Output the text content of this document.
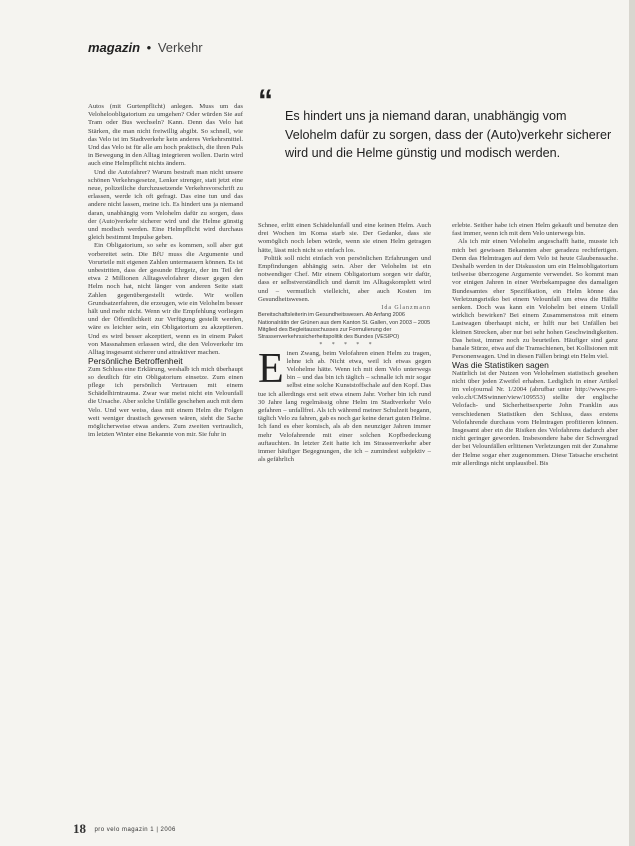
magazin • Verkehr
“ Es hindert uns ja niemand daran, unabhängig vom Velohelm dafür zu sorgen, dass der (Auto)verkehr sicherer wird und die Helme günstig und modisch werden.

Autos (mit Gurtenpflicht) anlegen. Muss um das Veloheloobligatorium zu umgehen? Oder würden Sie auf Tram oder Bus wechseln? Kann. Denn das Velo hat Stärken, die man nicht freiwillig abgibt. So schnell, wie das Velo ist im Stadtverkehr kein anderes Verkehrsmittel. Und das Velo ist für alle am hoch praktisch, die ihren Puls in Bewegung in den Alltag integrieren wollen. Darin wird auch eine Helmpflicht nichts ändern.

Und die Autofahrer? Warum bestraft man nicht unsere schönen Verkehrsgesetze, Lenker strenger, statt jetzt eine neue, polizeiliche durchzusetzende Verkehrsvorschrift zu erlassen, werde ich oft gefragt. Das eine tun und das andere nicht lassen, meine ich. Es hindert uns ja niemand daran, unabhängig vom Velohelm dafür zu sorgen, dass der (Auto)verkehr sicherer wird und die Helme günstig und modisch werden. Eine Helmpflicht wird durchaus gleich bestimmt Impulse geben.

Ein Obligatorium, so sehr es kommen, soll aber gut vorbereitet sein. Die BfU muss die Argumente und Vorurteile mit eigenen Zahlen untermauern können. Es ist unbestritten, dass der gesunde Ehrgeiz, der im Teil der etwa 2 Millionen Alltagsvelofahrer dieser gegen den Helm noch hat, nicht länger von anderen Seite statt Zahlen gegenübergestellt würde. Wir wollen Grundsatzerfahren, die erzeugen, wie ein Velohelm besser hält und mehr nicht. Wenn wir die Empfehlung vorliegen und der Öffentlichkeit zur Verfügung gestellt werden, wäre es leichter sein, ein Obligatorium zu akzeptieren. Und es wird besser akzeptiert, wenn es in einem Paket von Massnahmen erlassen wird, die den Veloverkehr im Alltag insgesamt sicherer und attraktiver machen.

Persönliche Betroffenheit

Zum Schluss eine Erklärung, weshalb ich mich überhaupt so deutlich für ein Obligatorium einsetze. Zum einen pflege ich persönlich Vertrauen mit einem Schädelhirntrauma. Zwar war meist nicht ein Velounfall die Ursache. Aber solche Unfälle geschehen auch mit dem Velo. Und wer weiss, dass mit einem Helm die Folgen weit weniger drastisch gewesen wären, sieht die Sache möglicherweise etwas anders. Zum zweiten vertraulich, im letzten Winter eine Bekannte von mir. Sie fuhr in

Schnee, erlitt einen Schädelunfall und eine keinen Helm. Auch drei Wochen im Koma starb sie. Der Gedanke, dass sie womöglich noch leben würde, wenn sie einen Helm getragen hätte, lässt mich nicht so einfach los.

Politik soll nicht einfach von persönlichen Erfahrungen und Empfindungen abhängig sein. Aber der Velohelm ist ein notwendiger Chef. Mir einem Obligatorium sorgen wir dafür, dass er selbstverständlich und damit im Alltagskomplett wird und – vermutlich vielleicht, aber auch Kosten im Gesundheitswesen.

Ida Glanzmann

Bereitschaftsleiterin im Gesundheitswesen. Ab Anfang 2006 Nationalrätin der Grünen aus dem Kanton St. Gallen, von 2003 – 2005 Mitglied des Begleitausschusses zur Formulierung der Strassenverkehrssicherheitspolitik des Bundes (VESIPO)

* * * * *

Einen Zwang, beim Velofahren einen Helm zu tragen, lehne ich ab. Nicht etwa, weil ich etwas gegen Velohelme hätte. Wenn ich mit dem Velo unterwegs bin – und das bin ich täglich – schnalle ich mir sogar selbst eine solche Kunststoffschale auf den Kopf. Das tue ich allerdings erst seit etwa einem Jahr. Vorher bin ich rund 30 Jahre lang regelmässig ohne Helm im Stadtverkehr Velo gefahren – unfallfrei. Als ich während meiner Schulzeit begann, täglich Velo zu fahren, gab es noch gar keine derart guten Helme. Ich fand es eher komisch, als ab den neunziger Jahren immer mehr Velofahrende mit einer solchen Kopfbedeckung auftauchten. In letzter Zeit hatte ich im Strassenverkehr aber immer häufiger Begegnungen, die ich – zumindest subjektiv – als gefährlich

erlebte. Seither habe ich einen Helm gekauft und benutze den fast immer, wenn ich mit dem Velo unterwegs bin.

Als ich mir einen Velohelm angeschafft hatte, musste ich mich bei gewissen Bekannten aber geradezu rechtfertigen. Denn das Helmtragen auf dem Velo ist heute Glaubenssache. Deshalb werden in der Diskussion um ein Helmobligatorium teilweise überzogene Argumente verwendet. So kommt man vor einigen Jahren in einer Werbekampagne des damaligen Bundesamtes eher Spezifikation, ein Helm könne das Verletzungsrisiko bei einem Velounfall um etwa die Hälfte senken. Doch was kann ein Velohelm bei einem Unfall wirklich bewirken? Bei einem Zusammenstoss mit einem Lastwagen überhaupt nicht, er hilft nur bei Unfällen bei kleinen Strecken, aber nur bei sehr hohen Geschwindigkeiten. Das heisst, immer noch zu beurteilen. Häufiger sind ganz banale Stürze, etwa auf die Tramschienen, bei Kollisionen mit Personenwagen. Und in diesen Fällen bringt ein Helm viel.

Was die Statistiken sagen

Natürlich ist der Nutzen von Velohelmen statistisch gesehen nicht über jeden Zweifel erhaben. Lediglich in einer Artikel im velojournal Nr. 1/2004 (abrufbar unter http://www.pro-velo.ch/CMSwinner/view/109553) stellte der englische Velofach- und Sicherheitsexperte John Franklin aus verschiedenen Statistiken den Schluss, dass erstens Velofahrende durchaus vom Helmtragen profitieren können. Insgesamt aber ein die Risiken des Velofahrens dadurch aber nicht geringer geworden. Insbesondere habe der Schwergrad der bei Velounfällen erlittenen Verletzungen mit der Zunahme der Helme sogar eher zugenommen. Diese Tatsache erscheint mir allerdings nicht unplausibel. Bis

18 pro velo magazin 1 | 2006
